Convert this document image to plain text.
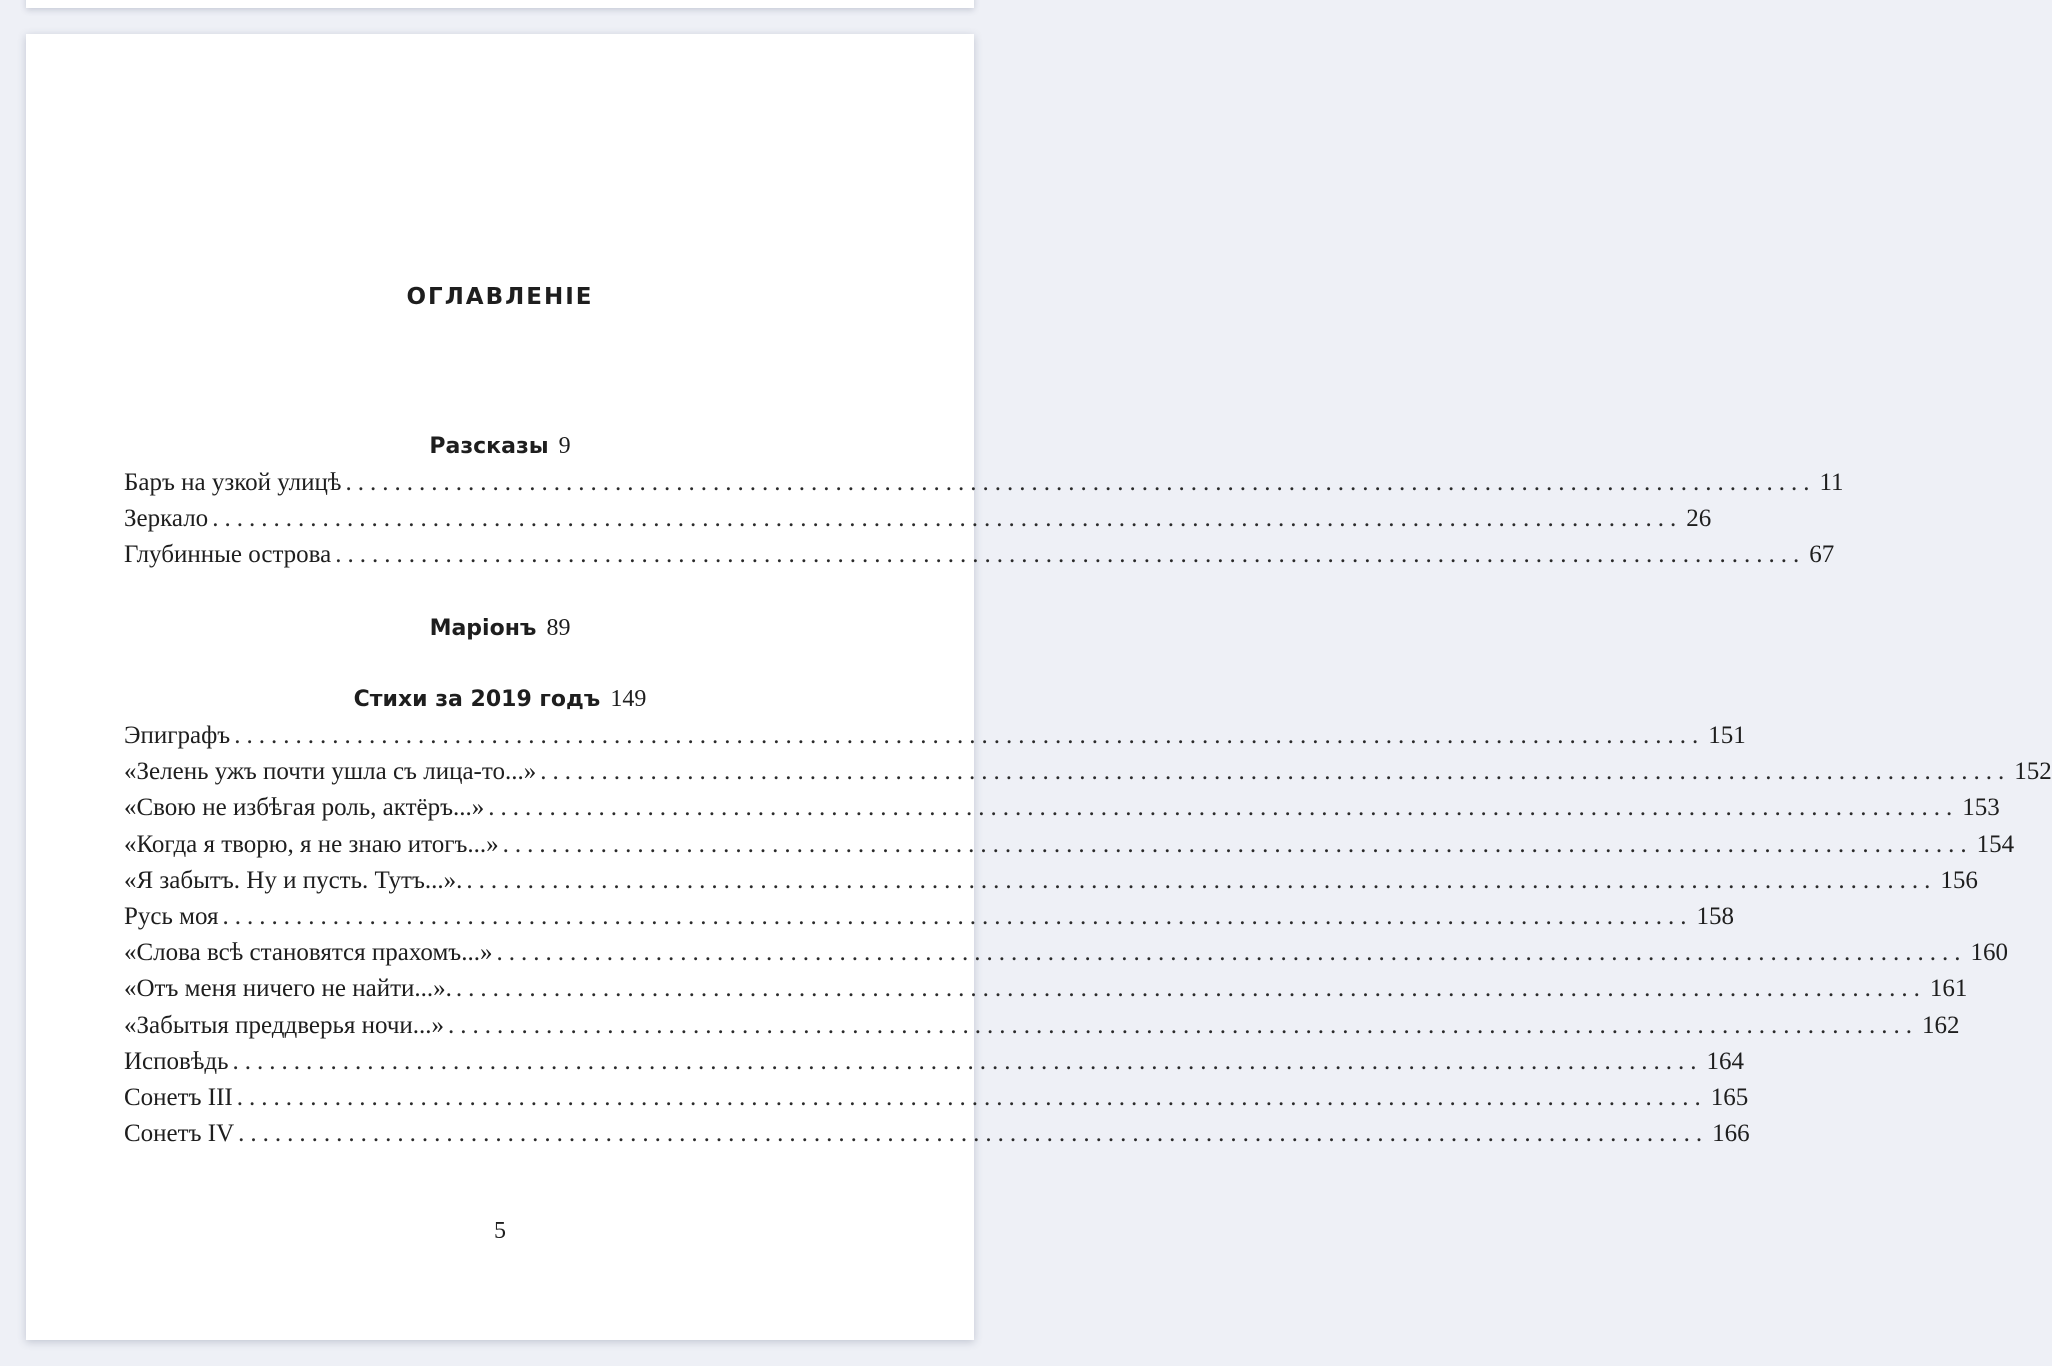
ОГЛАВЛЕНІЕ
Разсказы 9
Баръ на узкой улицѣ ........................................................................................................................ 11
Зеркало ........................................................................................................................ 26
Глубинные острова ........................................................................................................................ 67
Маріонъ 89
Стихи за 2019 годъ 149
Эпиграфъ ........................................................................................................................ 151
«Зелень ужъ почти ушла съ лица-то...» ........................................................................................................................ 152
«Свою не избѣгая роль, актёръ...» ........................................................................................................................ 153
«Когда я творю, я не знаю итогъ...» ........................................................................................................................ 154
«Я забытъ. Ну и пусть. Тутъ...». ........................................................................................................................ 156
Русь моя ........................................................................................................................ 158
«Слова всѣ становятся прахомъ...» ........................................................................................................................ 160
«Отъ меня ничего не найти...». ........................................................................................................................ 161
«Забытыя преддверья ночи...» ........................................................................................................................ 162
Исповѣдь ........................................................................................................................ 164
Сонетъ III ........................................................................................................................ 165
Сонетъ IV ........................................................................................................................ 166
5
